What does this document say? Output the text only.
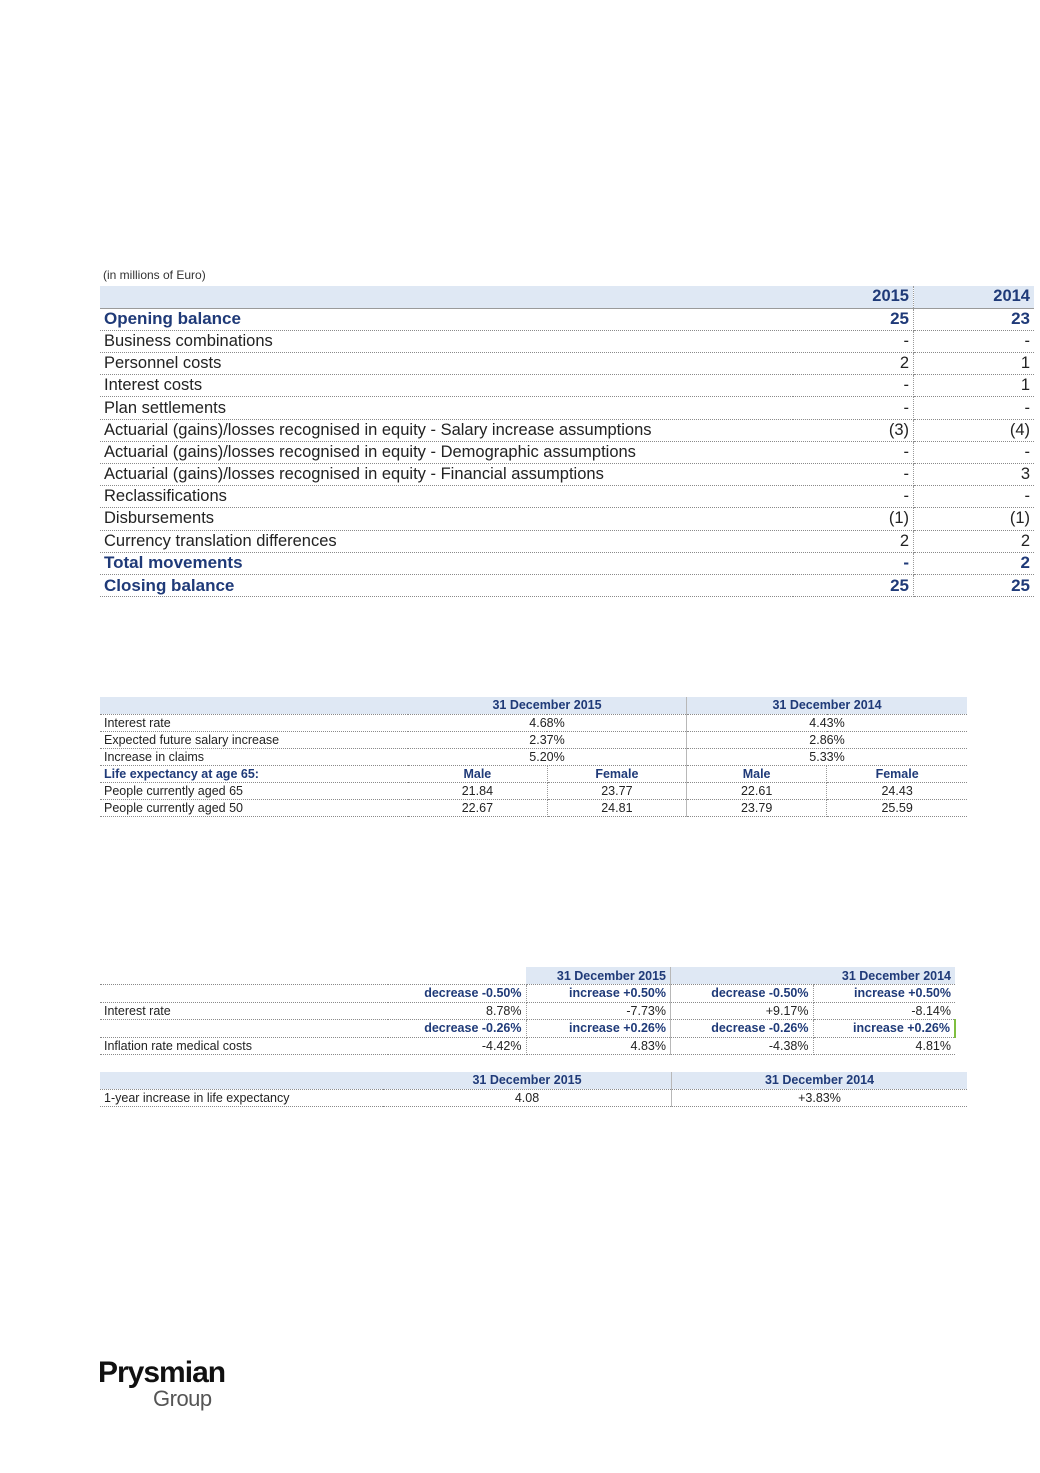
(in millions of Euro)
	2015	2014
Opening balance	25	23
Business combinations	-	-
Personnel costs	2	1
Interest costs	-	1
Plan settlements	-	-
Actuarial (gains)/losses recognised in equity - Salary increase assumptions	(3)	(4)
Actuarial (gains)/losses recognised in equity - Demographic assumptions	-	-
Actuarial (gains)/losses recognised in equity - Financial assumptions	-	3
Reclassifications	-	-
Disbursements	(1)	(1)
Currency translation differences	2	2
Total movements	-	2
Closing balance	25	25
	31 December 2015		31 December 2014	
Interest rate	4.68%		4.43%	
Expected future salary increase	2.37%		2.86%	
Increase in claims	5.20%		5.33%	
Life expectancy at age 65:	Male	Female	Male	Female
People currently aged 65	21.84	23.77	22.61	24.43
People currently aged 50	22.67	24.81	23.79	25.59
		31 December 2015		31 December 2014
	decrease -0.50%	increase +0.50%	decrease -0.50%	increase +0.50%
Interest rate	8.78%	-7.73%	+9.17%	-8.14%
	decrease -0.26%	increase +0.26%	decrease -0.26%	increase +0.26%
Inflation rate medical costs	-4.42%	4.83%	-4.38%	4.81%
	31 December 2015	31 December 2014
1-year increase in life expectancy	4.08	+3.83%
Prysmian
Group
